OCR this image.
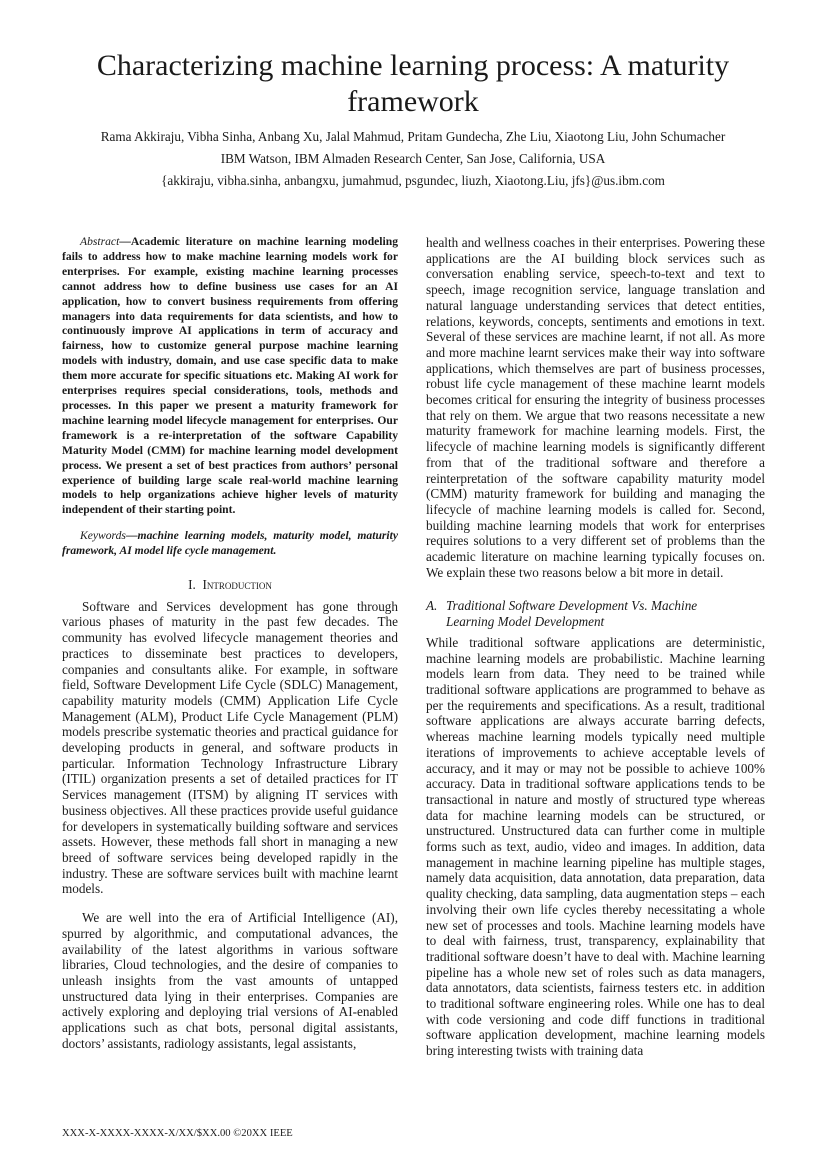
Characterizing machine learning process: A maturity framework

Rama Akkiraju, Vibha Sinha, Anbang Xu, Jalal Mahmud, Pritam Gundecha, Zhe Liu, Xiaotong Liu, John Schumacher

IBM Watson, IBM Almaden Research Center, San Jose, California, USA

{akkiraju, vibha.sinha, anbangxu, jumahmud, psgundec, liuzh, Xiaotong.Liu, jfs}@us.ibm.com

Abstract—Academic literature on machine learning modeling fails to address how to make machine learning models work for enterprises. For example, existing machine learning processes cannot address how to define business use cases for an AI application, how to convert business requirements from offering managers into data requirements for data scientists, and how to continuously improve AI applications in term of accuracy and fairness, how to customize general purpose machine learning models with industry, domain, and use case specific data to make them more accurate for specific situations etc. Making AI work for enterprises requires special considerations, tools, methods and processes. In this paper we present a maturity framework for machine learning model lifecycle management for enterprises. Our framework is a re-interpretation of the software Capability Maturity Model (CMM) for machine learning model development process. We present a set of best practices from authors’ personal experience of building large scale real-world machine learning models to help organizations achieve higher levels of maturity independent of their starting point.

Keywords—machine learning models, maturity model, maturity framework, AI model life cycle management.

I. Introduction

Software and Services development has gone through various phases of maturity in the past few decades. The community has evolved lifecycle management theories and practices to disseminate best practices to developers, companies and consultants alike. For example, in software field, Software Development Life Cycle (SDLC) Management, capability maturity models (CMM) Application Life Cycle Management (ALM), Product Life Cycle Management (PLM) models prescribe systematic theories and practical guidance for developing products in general, and software products in particular. Information Technology Infrastructure Library (ITIL) organization presents a set of detailed practices for IT Services management (ITSM) by aligning IT services with business objectives. All these practices provide useful guidance for developers in systematically building software and services assets. However, these methods fall short in managing a new breed of software services being developed rapidly in the industry. These are software services built with machine learnt models.

We are well into the era of Artificial Intelligence (AI), spurred by algorithmic, and computational advances, the availability of the latest algorithms in various software libraries, Cloud technologies, and the desire of companies to unleash insights from the vast amounts of untapped unstructured data lying in their enterprises. Companies are actively exploring and deploying trial versions of AI-enabled applications such as chat bots, personal digital assistants, doctors’ assistants, radiology assistants, legal assistants,

health and wellness coaches in their enterprises. Powering these applications are the AI building block services such as conversation enabling service, speech-to-text and text to speech, image recognition service, language translation and natural language understanding services that detect entities, relations, keywords, concepts, sentiments and emotions in text. Several of these services are machine learnt, if not all. As more and more machine learnt services make their way into software applications, which themselves are part of business processes, robust life cycle management of these machine learnt models becomes critical for ensuring the integrity of business processes that rely on them. We argue that two reasons necessitate a new maturity framework for machine learning models. First, the lifecycle of machine learning models is significantly different from that of the traditional software and therefore a reinterpretation of the software capability maturity model (CMM) maturity framework for building and managing the lifecycle of machine learning models is called for. Second, building machine learning models that work for enterprises requires solutions to a very different set of problems than the academic literature on machine learning typically focuses on. We explain these two reasons below a bit more in detail.

A. Traditional Software Development Vs. Machine
Learning Model Development

While traditional software applications are deterministic, machine learning models are probabilistic. Machine learning models learn from data. They need to be trained while traditional software applications are programmed to behave as per the requirements and specifications. As a result, traditional software applications are always accurate barring defects, whereas machine learning models typically need multiple iterations of improvements to achieve acceptable levels of accuracy, and it may or may not be possible to achieve 100% accuracy. Data in traditional software applications tends to be transactional in nature and mostly of structured type whereas data for machine learning models can be structured, or unstructured. Unstructured data can further come in multiple forms such as text, audio, video and images. In addition, data management in machine learning pipeline has multiple stages, namely data acquisition, data annotation, data preparation, data quality checking, data sampling, data augmentation steps – each involving their own life cycles thereby necessitating a whole new set of processes and tools. Machine learning models have to deal with fairness, trust, transparency, explainability that traditional software doesn’t have to deal with. Machine learning pipeline has a whole new set of roles such as data managers, data annotators, data scientists, fairness testers etc. in addition to traditional software engineering roles. While one has to deal with code versioning and code diff functions in traditional software application development, machine learning models bring interesting twists with training data

XXX-X-XXXX-XXXX-X/XX/$XX.00 ©20XX IEEE
